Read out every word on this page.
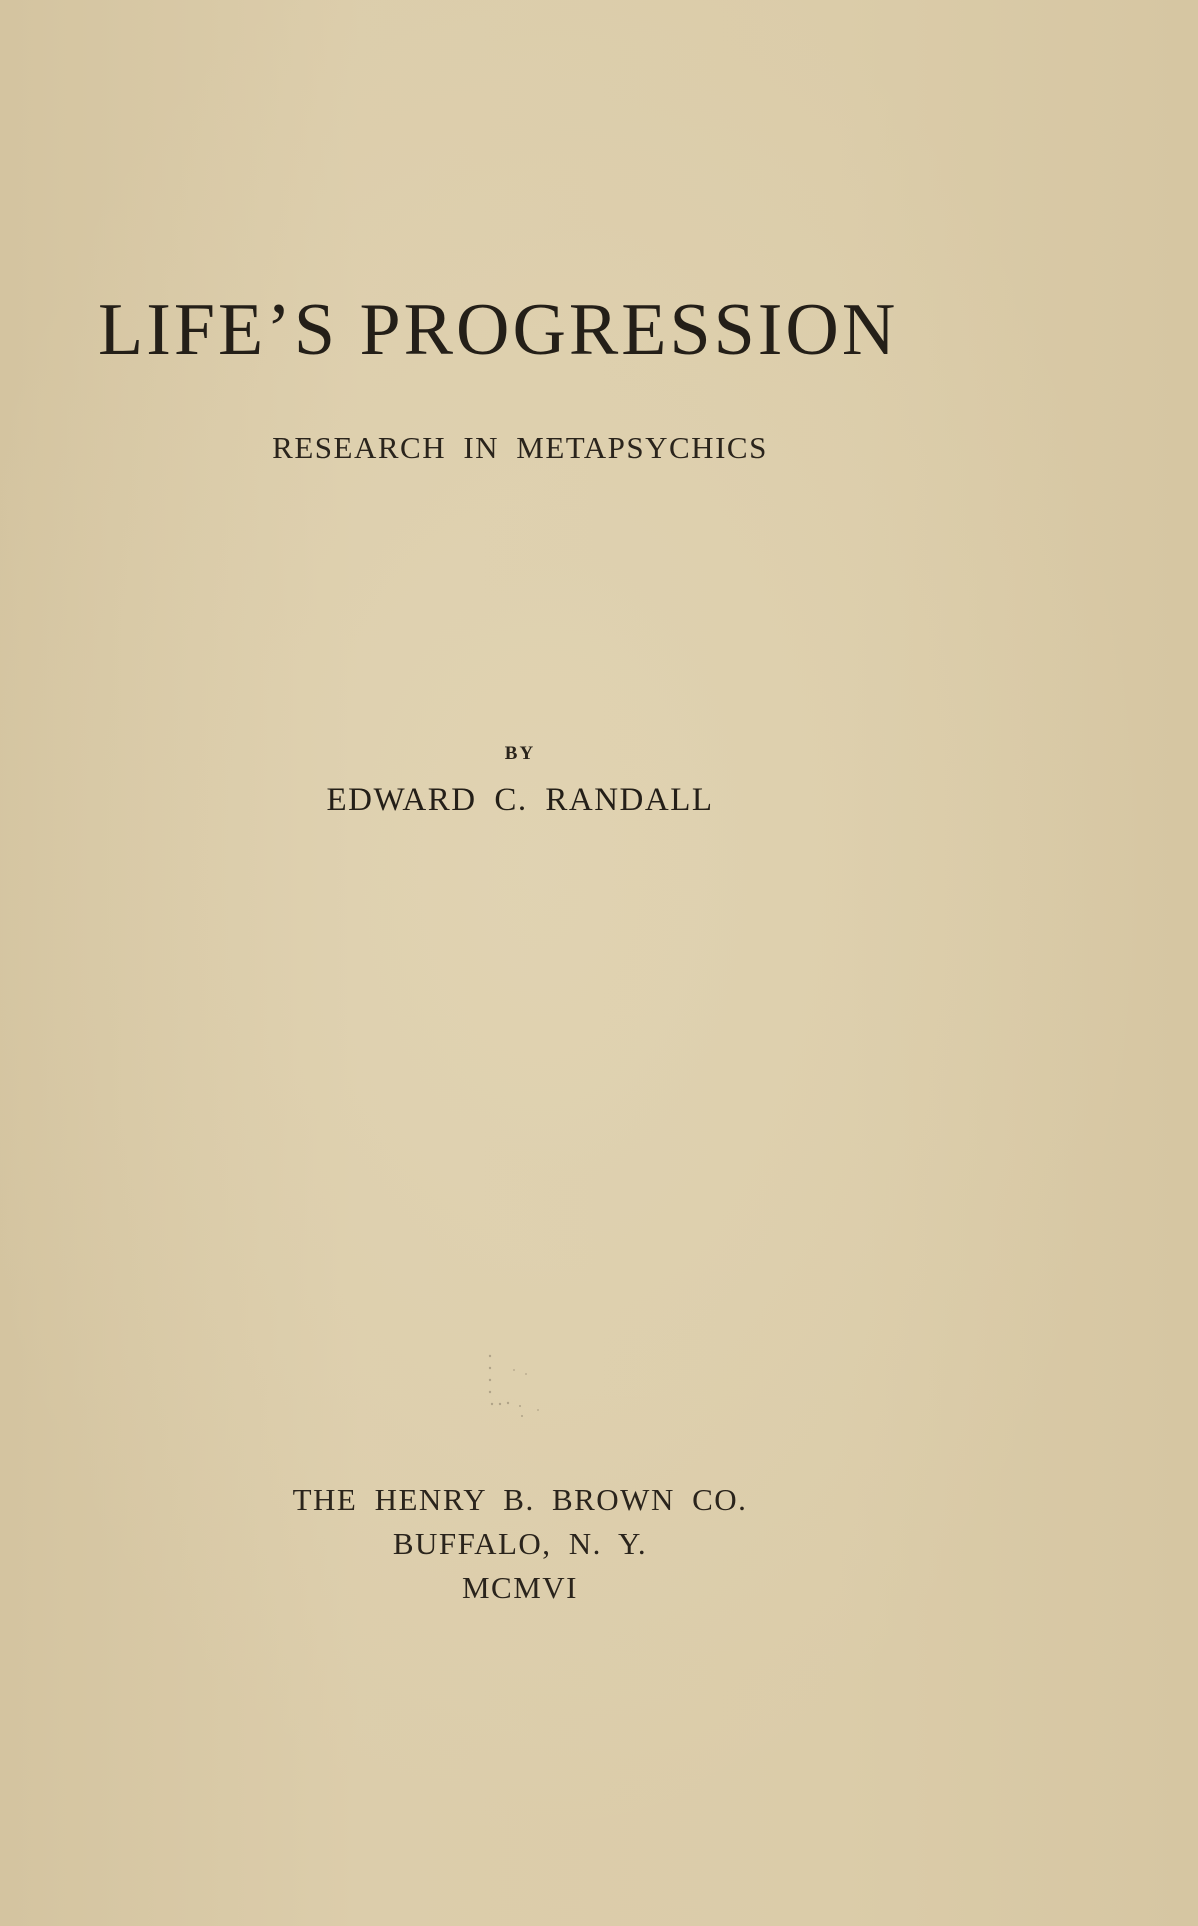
LIFE’S PROGRESSION
RESEARCH IN METAPSYCHICS
BY
EDWARD C. RANDALL
THE HENRY B. BROWN CO.
BUFFALO, N. Y.
MCMVI
